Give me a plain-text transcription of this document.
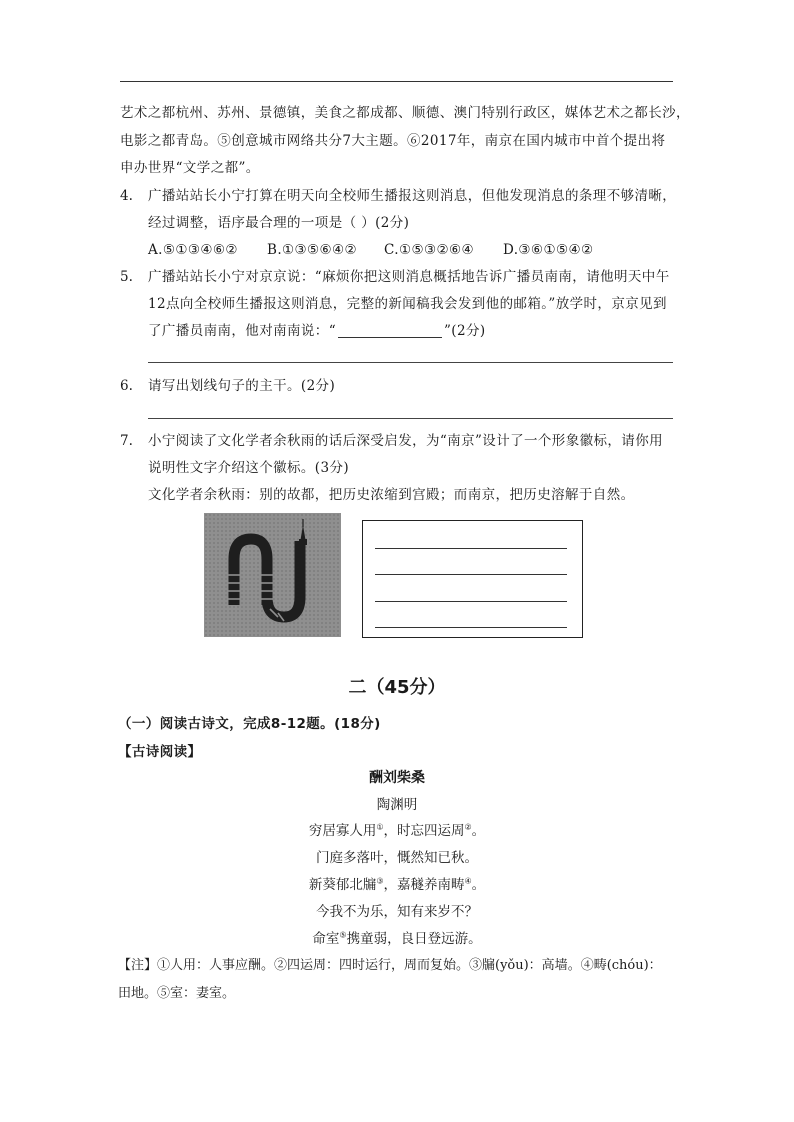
艺术之都杭州、苏州、景德镇，美食之都成都、顺德、澳门特别行政区，媒体艺术之都长沙，
电影之都青岛。⑤创意城市网络共分7大主题。⑥2017年，南京在国内城市中首个提出将
申办世界“文学之都”。
4. 广播站站长小宁打算在明天向全校师生播报这则消息，但他发现消息的条理不够清晰，
经过调整，语序最合理的一项是（ ）(2分)
A.⑤①③④⑥② B.①③⑤⑥④② C.①⑤③②⑥④ D.③⑥①⑤④②
5. 广播站站长小宁对京京说：“麻烦你把这则消息概括地告诉广播员南南，请他明天中午
12点向全校师生播报这则消息，完整的新闻稿我会发到他的邮箱。”放学时，京京见到
了广播员南南，他对南南说：“	”(2分)
6. 请写出划线句子的主干。(2分)
7. 小宁阅读了文化学者余秋雨的话后深受启发，为“南京”设计了一个形象徽标，请你用
说明性文字介绍这个徽标。(3分)
文化学者余秋雨：别的故都，把历史浓缩到宫殿；而南京，把历史溶解于自然。
二（45分）
（一）阅读古诗文，完成8-12题。(18分)
【古诗阅读】
酬刘柴桑
陶渊明
穷居寡人用①，时忘四运周②。
门庭多落叶，慨然知已秋。
新葵郁北牖③，嘉穟养南畴④。
今我不为乐，知有来岁不？
命室⑤携童弱，良日登远游。
【注】①人用：人事应酬。②四运周：四时运行，周而复始。③牖(yǒu)：高墙。④畴(chóu)：
田地。⑤室：妻室。
